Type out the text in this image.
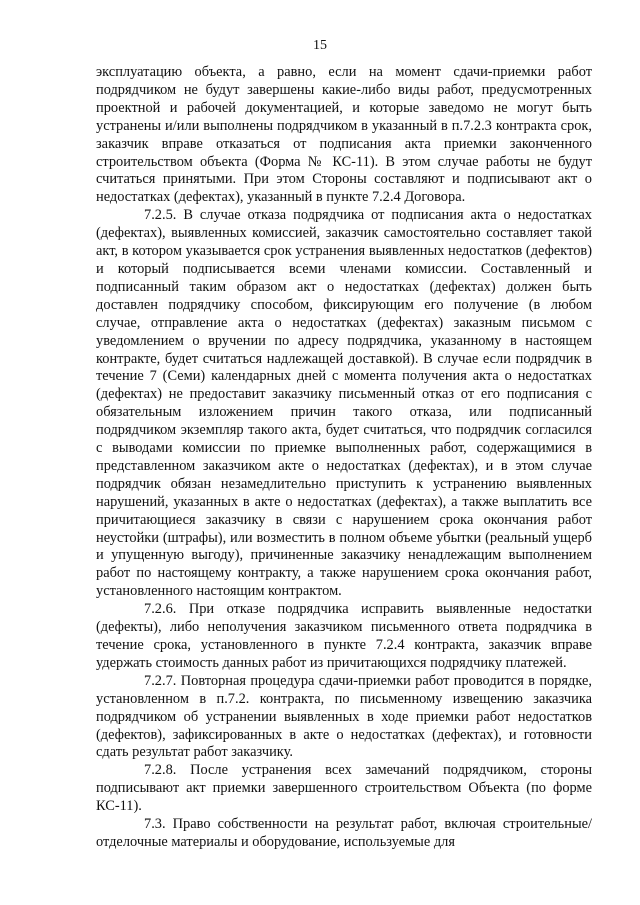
15

эксплуатацию объекта, а равно, если на момент сдачи-приемки работ подрядчиком не будут завершены какие-либо виды работ, предусмотренных проектной и рабочей документацией, и которые заведомо не могут быть устранены и/или выполнены подрядчиком в указанный в п.7.2.3 контракта срок, заказчик вправе отказаться от подписания акта приемки законченного строительством объекта (Форма № КС-11). В этом случае работы не будут считаться принятыми. При этом Стороны составляют и подписывают акт о недостатках (дефектах), указанный в пункте 7.2.4 Договора.

7.2.5. В случае отказа подрядчика от подписания акта о недостатках (дефектах), выявленных комиссией, заказчик самостоятельно составляет такой акт, в котором указывается срок устранения выявленных недостатков (дефектов) и который подписывается всеми членами комиссии. Составленный и подписанный таким образом акт о недостатках (дефектах) должен быть доставлен подрядчику способом, фиксирующим его получение (в любом случае, отправление акта о недостатках (дефектах) заказным письмом с уведомлением о вручении по адресу подрядчика, указанному в настоящем контракте, будет считаться надлежащей доставкой). В случае если подрядчик в течение 7 (Семи) календарных дней с момента получения акта о недостатках (дефектах) не предоставит заказчику письменный отказ от его подписания с обязательным изложением причин такого отказа, или подписанный подрядчиком экземпляр такого акта, будет считаться, что подрядчик согласился с выводами комиссии по приемке выполненных работ, содержащимися в представленном заказчиком акте о недостатках (дефектах), и в этом случае подрядчик обязан незамедлительно приступить к устранению выявленных нарушений, указанных в акте о недостатках (дефектах), а также выплатить все причитающиеся заказчику в связи с нарушением срока окончания работ неустойки (штрафы), или возместить в полном объеме убытки (реальный ущерб и упущенную выгоду), причиненные заказчику ненадлежащим выполнением работ по настоящему контракту, а также нарушением срока окончания работ, установленного настоящим контрактом.

7.2.6. При отказе подрядчика исправить выявленные недостатки (дефекты), либо неполучения заказчиком письменного ответа подрядчика в течение срока, установленного в пункте 7.2.4 контракта, заказчик вправе удержать стоимость данных работ из причитающихся подрядчику платежей.

7.2.7. Повторная процедура сдачи-приемки работ проводится в порядке, установленном в п.7.2. контракта, по письменному извещению заказчика подрядчиком об устранении выявленных в ходе приемки работ недостатков (дефектов), зафиксированных в акте о недостатках (дефектах), и готовности сдать результат работ заказчику.

7.2.8. После устранения всех замечаний подрядчиком, стороны подписывают акт приемки завершенного строительством Объекта (по форме КС-11).

7.3. Право собственности на результат работ, включая строительные/отделочные материалы и оборудование, используемые для
